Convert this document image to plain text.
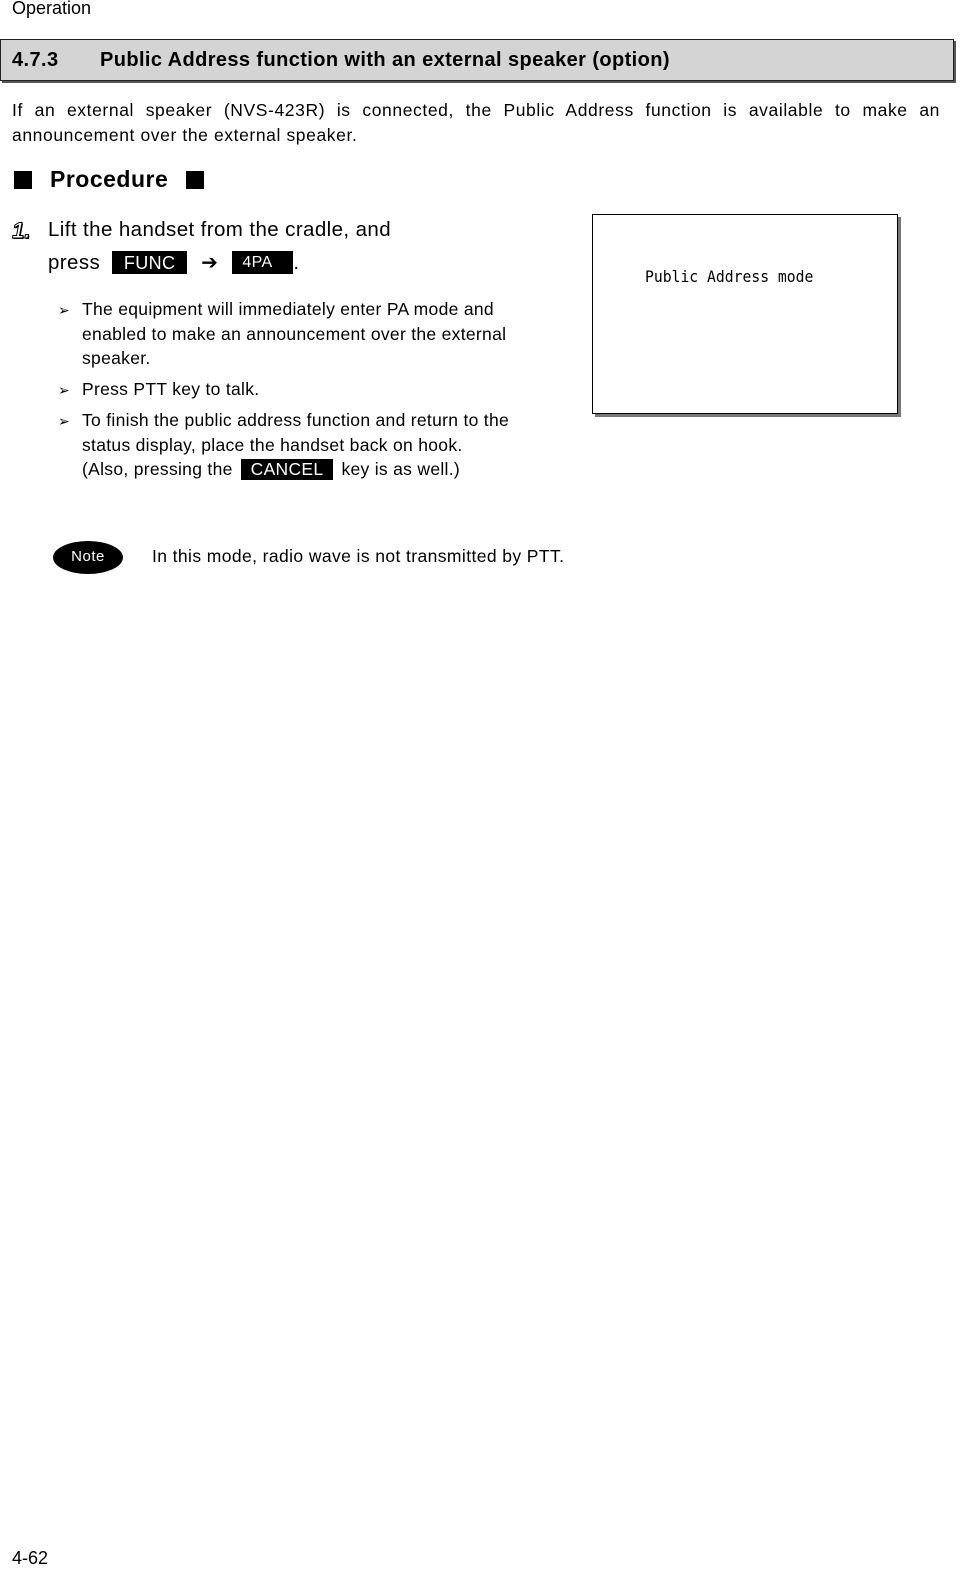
Operation
4.7.3	Public Address function with an external speaker (option)
If an external speaker (NVS-423R) is connected, the Public Address function is available to make an announcement over the external speaker.
Procedure
1. Lift the handset from the cradle, and
press	FUNC	➔	4PA	.
➢ The equipment will immediately enter PA mode and enabled to make an announcement over the external speaker.
➢ Press PTT key to talk.
➢ To finish the public address function and return to the status display, place the handset back on hook.
(Also, pressing the CANCEL key is as well.)
Public Address mode
Note	In this mode, radio wave is not transmitted by PTT.
4-62
